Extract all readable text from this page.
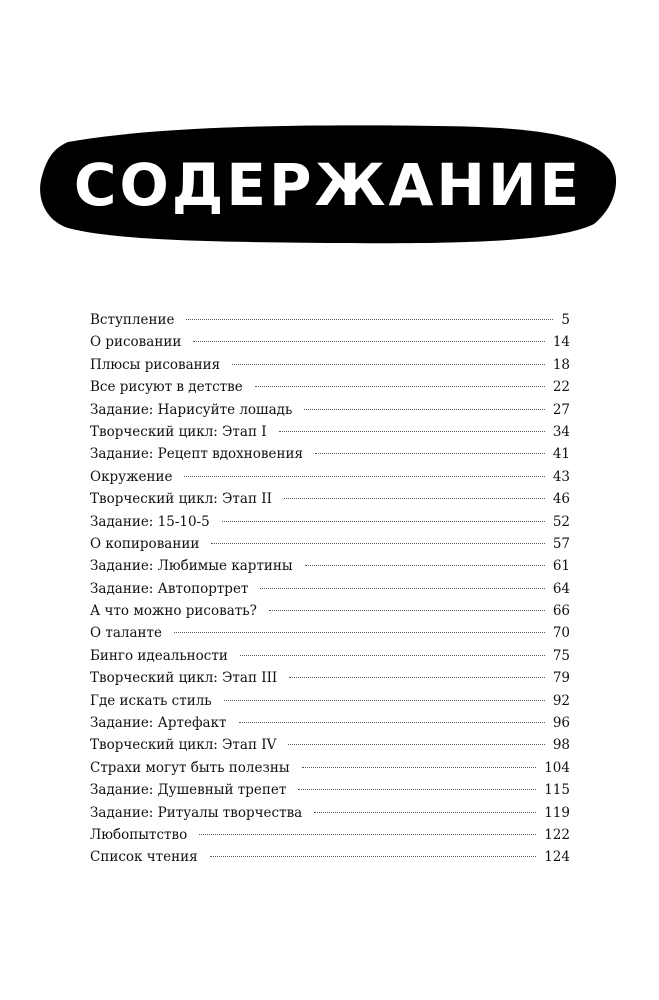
СОДЕРЖАНИЕ
Вступление	5
О рисовании	14
Плюсы рисования	18
Все рисуют в детстве	22
Задание: Нарисуйте лошадь	27
Творческий цикл: Этап I	34
Задание: Рецепт вдохновения	41
Окружение	43
Творческий цикл: Этап II	46
Задание: 15-10-5	52
О копировании	57
Задание: Любимые картины	61
Задание: Автопортрет	64
А что можно рисовать?	66
О таланте	70
Бинго идеальности	75
Творческий цикл: Этап III	79
Где искать стиль	92
Задание: Артефакт	96
Творческий цикл: Этап IV	98
Страхи могут быть полезны	104
Задание: Душевный трепет	115
Задание: Ритуалы творчества	119
Любопытство	122
Список чтения	124
